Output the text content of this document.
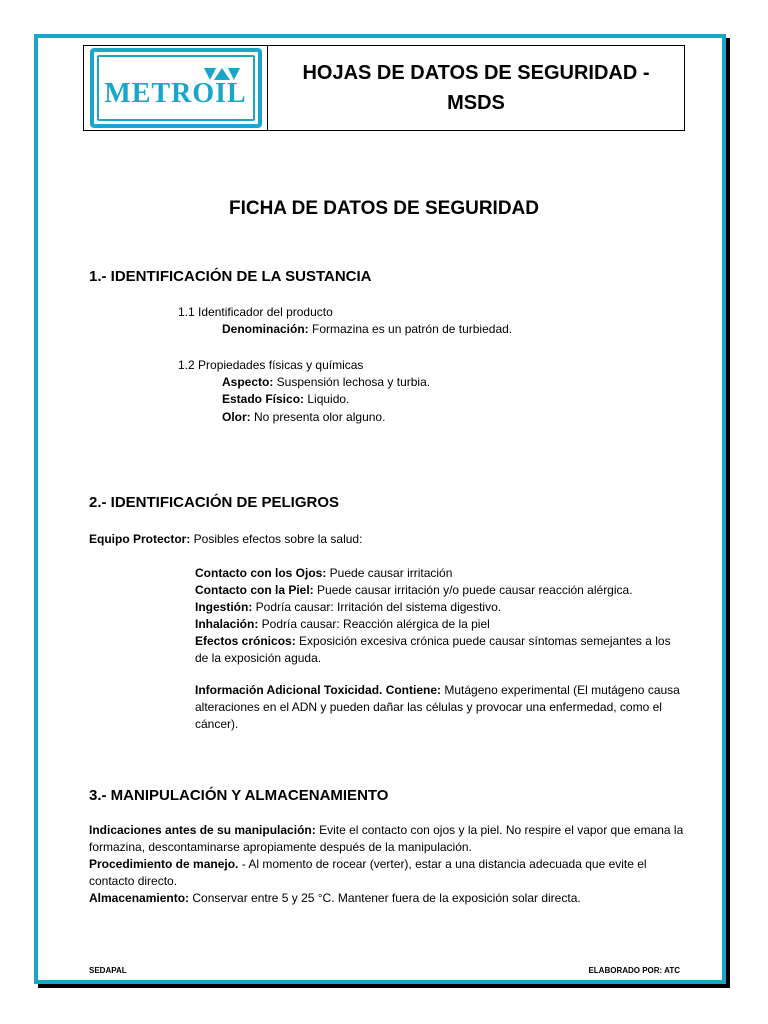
METROIL
HOJAS DE DATOS DE SEGURIDAD - MSDS
FICHA DE DATOS DE SEGURIDAD
1.- IDENTIFICACIÓN DE LA SUSTANCIA
1.1 Identificador del producto
Denominación: Formazina es un patrón de turbiedad.
1.2 Propiedades físicas y químicas
Aspecto: Suspensión lechosa y turbia.
Estado Físico: Liquido.
Olor: No presenta olor alguno.
2.- IDENTIFICACIÓN DE PELIGROS
Equipo Protector: Posibles efectos sobre la salud:
Contacto con los Ojos: Puede causar irritación
Contacto con la Piel: Puede causar irritación y/o puede causar reacción alérgica.
Ingestión: Podría causar: Irritación del sistema digestivo.
Inhalación: Podría causar: Reacción alérgica de la piel
Efectos crónicos: Exposición excesiva crónica puede causar síntomas semejantes a los de la exposición aguda.
Información Adicional Toxicidad. Contiene: Mutágeno experimental (El mutágeno causa alteraciones en el ADN y pueden dañar las células y provocar una enfermedad, como el cáncer).
3.- MANIPULACIÓN Y ALMACENAMIENTO
Indicaciones antes de su manipulación: Evite el contacto con ojos y la piel. No respire el vapor que emana la formazina, descontaminarse apropiamente después de la manipulación.
Procedimiento de manejo. - Al momento de rocear (verter), estar a una distancia adecuada que evite el contacto directo.
Almacenamiento: Conservar entre 5 y 25 °C. Mantener fuera de la exposición solar directa.
SEDAPAL	ELABORADO POR: ATC
